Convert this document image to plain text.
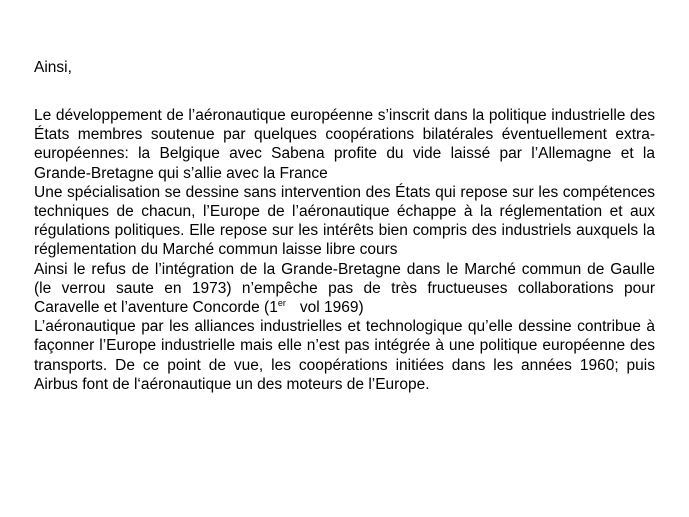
Ainsi,

Le développement de l’aéronautique européenne s’inscrit dans la politique industrielle des États membres soutenue par quelques coopérations bilatérales éventuellement extra-européennes: la Belgique avec Sabena profite du vide laissé par l’Allemagne et la Grande-Bretagne qui s’allie avec la France

Une spécialisation se dessine sans intervention des États qui repose sur les compétences techniques de chacun, l’Europe de l’aéronautique échappe à la réglementation et aux régulations politiques. Elle repose sur les intérêts bien compris des industriels auxquels la réglementation du Marché commun laisse libre cours

Ainsi le refus de l’intégration de la Grande-Bretagne dans le Marché commun de Gaulle (le verrou saute en 1973) n’empêche pas de très fructueuses collaborations pour Caravelle et l’aventure Concorde (1er vol 1969)

L’aéronautique par les alliances industrielles et technologique qu’elle dessine contribue à façonner l’Europe industrielle mais elle n’est pas intégrée à une politique européenne des transports. De ce point de vue, les coopérations initiées dans les années 1960; puis Airbus font de l‘aéronautique un des moteurs de l’Europe.
